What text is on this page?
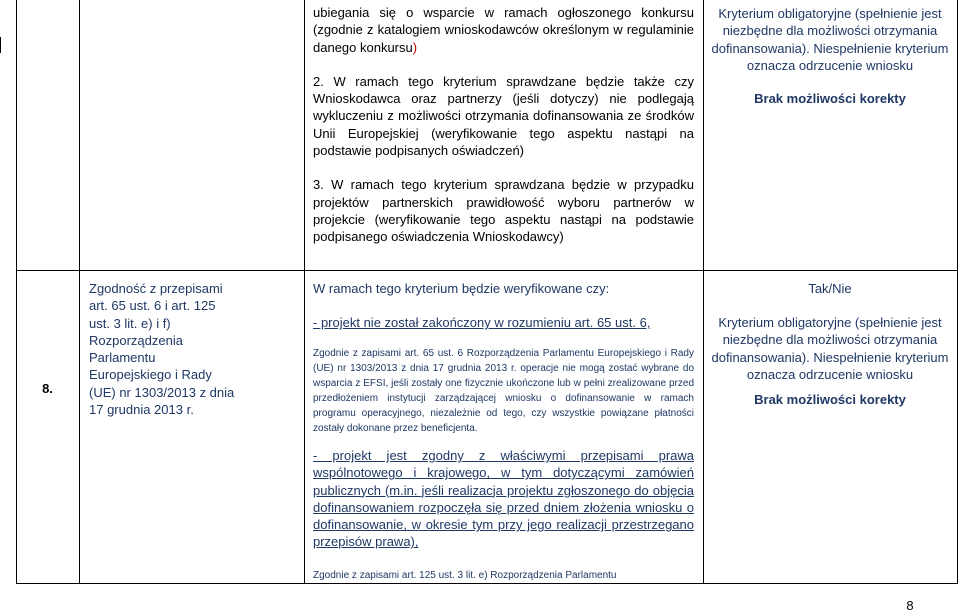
ubiegania się o wsparcie w ramach ogłoszonego konkursu (zgodnie z katalogiem wnioskodawców określonym w regulaminie danego konkursu)

2. W ramach tego kryterium sprawdzane będzie także czy Wnioskodawca oraz partnerzy (jeśli dotyczy) nie podlegają wykluczeniu z możliwości otrzymania dofinansowania ze środków Unii Europejskiej (weryfikowanie tego aspektu nastąpi na podstawie podpisanych oświadczeń)

3. W ramach tego kryterium sprawdzana będzie w przypadku projektów partnerskich prawidłowość wyboru partnerów w projekcie (weryfikowanie tego aspektu nastąpi na podstawie podpisanego oświadczenia Wnioskodawcy)

Kryterium obligatoryjne (spełnienie jest niezbędne dla możliwości otrzymania dofinansowania). Niespełnienie kryterium oznacza odrzucenie wniosku
Brak możliwości korekty
8.
Zgodność z przepisami art. 65 ust. 6 i art. 125 ust. 3 lit. e) i f) Rozporządzenia Parlamentu Europejskiego i Rady (UE) nr 1303/2013 z dnia 17 grudnia 2013 r.
W ramach tego kryterium będzie weryfikowane czy:
- projekt nie został zakończony w rozumieniu art. 65 ust. 6,
Zgodnie z zapisami art. 65 ust. 6 Rozporządzenia Parlamentu Europejskiego i Rady (UE) nr 1303/2013 z dnia 17 grudnia 2013 r. operacje nie mogą zostać wybrane do wsparcia z EFSI, jeśli zostały one fizycznie ukończone lub w pełni zrealizowane przed przedłożeniem instytucji zarządzającej wniosku o dofinansowanie w ramach programu operacyjnego, niezależnie od tego, czy wszystkie powiązane płatności zostały dokonane przez beneficjenta.
- projekt jest zgodny z właściwymi przepisami prawa wspólnotowego i krajowego, w tym dotyczącymi zamówień publicznych (m.in. jeśli realizacja projektu zgłoszonego do objęcia dofinansowaniem rozpoczęła się przed dniem złożenia wniosku o dofinansowanie, w okresie tym przy jego realizacji przestrzegano przepisów prawa),
Zgodnie z zapisami art. 125 ust. 3 lit. e) Rozporządzenia Parlamentu
Tak/Nie
Kryterium obligatoryjne (spełnienie jest niezbędne dla możliwości otrzymania dofinansowania). Niespełnienie kryterium oznacza odrzucenie wniosku
Brak możliwości korekty
8
